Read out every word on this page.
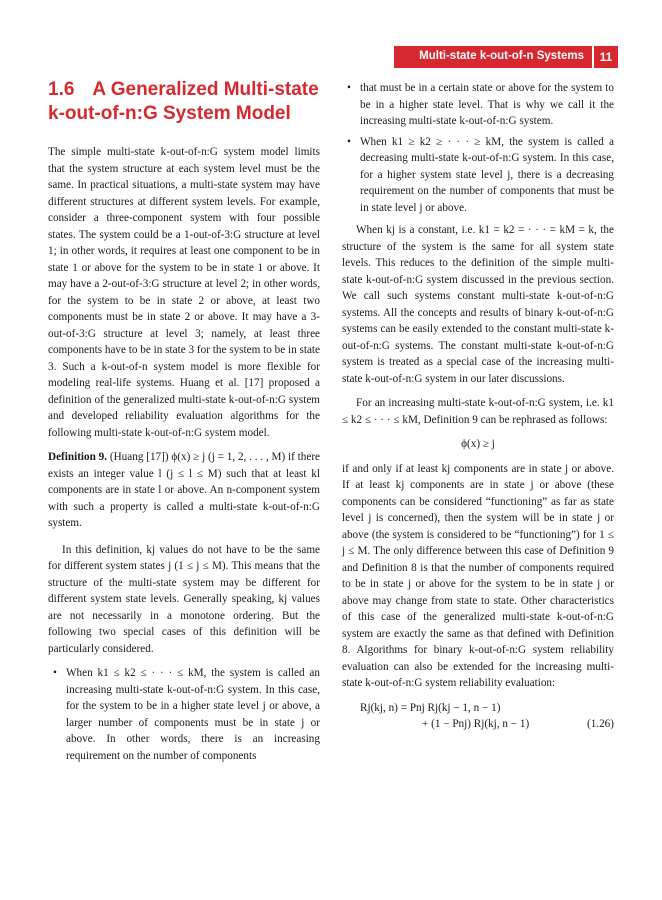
Multi-state k-out-of-n Systems	11
1.6 A Generalized Multi-state
k-out-of-n:G System Model

The simple multi-state k-out-of-n:G system model limits that the system structure at each system level must be the same. In practical situations, a multi-state system may have different structures at different system levels. For example, consider a three-component system with four possible states. The system could be a 1-out-of-3:G structure at level 1; in other words, it requires at least one component to be in state 1 or above for the system to be in state 1 or above. It may have a 2-out-of-3:G structure at level 2; in other words, for the system to be in state 2 or above, at least two components must be in state 2 or above. It may have a 3-out-of-3:G structure at level 3; namely, at least three components have to be in state 3 for the system to be in state 3. Such a k-out-of-n system model is more flexible for modeling real-life systems. Huang et al. [17] proposed a definition of the generalized multi-state k-out-of-n:G system and developed reliability evaluation algorithms for the following multi-state k-out-of-n:G system model.

Definition 9. (Huang [17]) ϕ(x) ≥ j (j = 1, 2, . . . , M) if there exists an integer value l (j ≤ l ≤ M) such that at least kl components are in state l or above. An n-component system with such a property is called a multi-state k-out-of-n:G system.

In this definition, kj values do not have to be the same for different system states j (1 ≤ j ≤ M). This means that the structure of the multi-state system may be different for different system state levels. Generally speaking, kj values are not necessarily in a monotone ordering. But the following two special cases of this definition will be particularly considered.

• When k1 ≤ k2 ≤ · · · ≤ kM, the system is called an increasing multi-state k-out-of-n:G system. In this case, for the system to be in a higher state level j or above, a larger number of components must be in state j or above. In other words, there is an increasing requirement on the number of components
• that must be in a certain state or above for the system to be in a higher state level. That is why we call it the increasing multi-state k-out-of-n:G system.
• When k1 ≥ k2 ≥ · · · ≥ kM, the system is called a decreasing multi-state k-out-of-n:G system. In this case, for a higher system state level j, there is a decreasing requirement on the number of components that must be in state level j or above.

When kj is a constant, i.e. k1 = k2 = · · · = kM = k, the structure of the system is the same for all system state levels. This reduces to the definition of the simple multi-state k-out-of-n:G system discussed in the previous section. We call such systems constant multi-state k-out-of-n:G systems. All the concepts and results of binary k-out-of-n:G systems can be easily extended to the constant multi-state k-out-of-n:G systems. The constant multi-state k-out-of-n:G system is treated as a special case of the increasing multi-state k-out-of-n:G system in our later discussions.

For an increasing multi-state k-out-of-n:G system, i.e. k1 ≤ k2 ≤ · · · ≤ kM, Definition 9 can be rephrased as follows:

ϕ(x) ≥ j

if and only if at least kj components are in state j or above. If at least kj components are in state j or above (these components can be considered “functioning” as far as state level j is concerned), then the system will be in state j or above (the system is considered to be “functioning”) for 1 ≤ j ≤ M. The only difference between this case of Definition 9 and Definition 8 is that the number of components required to be in state j or above for the system to be in state j or above may change from state to state. Other characteristics of this case of the generalized multi-state k-out-of-n:G system are exactly the same as that defined with Definition 8. Algorithms for binary k-out-of-n:G system reliability evaluation can also be extended for the increasing multi-state k-out-of-n:G system reliability evaluation:

Rj(kj, n) = Pnj Rj(kj − 1, n − 1)
+ (1 − Pnj) Rj(kj, n − 1)	(1.26)
